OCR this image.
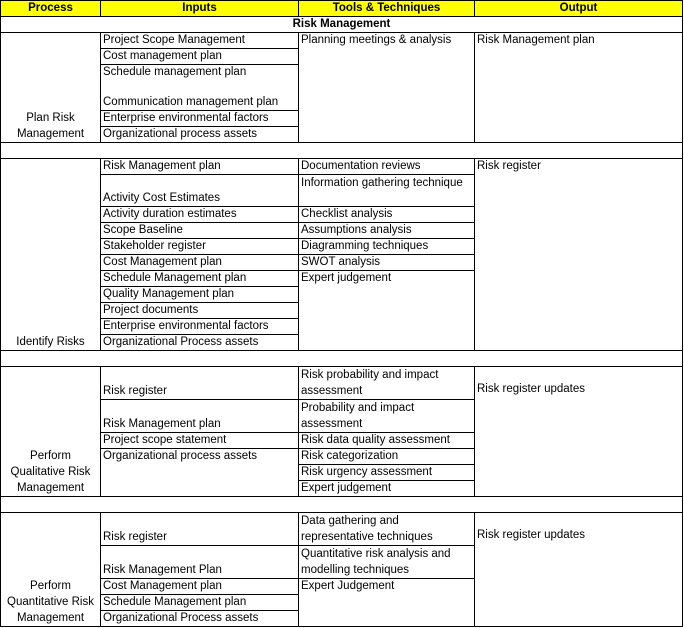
Process	Inputs	Tools & Techniques	Output
Risk Management			
Plan Risk Management	Project Scope Management	Planning meetings & analysis	Risk Management plan
	Cost management plan		
	Schedule management plan		

	Communication management plan		
	Enterprise environmental factors		
	Organizational process assets		

Identify Risks	Risk Management plan	Documentation reviews	Risk register
	Activity Cost Estimates	Information gathering technique	
	Activity duration estimates	Checklist analysis	
	Scope Baseline	Assumptions analysis	
	Stakeholder register	Diagramming techniques	
	Cost Management plan	SWOT analysis	
	Schedule Management plan	Expert judgement	
	Quality Management plan		
	Project documents		
	Enterprise environmental factors		
	Organizational Process assets		

Perform Qualitative Risk Management	Risk register	Risk probability and impact assessment	Risk register updates
	Risk Management plan	Probability and impact assessment	
	Project scope statement	Risk data quality assessment	
	Organizational process assets	Risk categorization	
		Risk urgency assessment	
		Expert judgement	

Perform Quantitative Risk Management	Risk register	Data gathering and representative techniques	Risk register updates
	Risk Management Plan	Quantitative risk analysis and modelling techniques	
	Cost Management plan	Expert Judgement	
	Schedule Management plan		
	Organizational Process assets		
